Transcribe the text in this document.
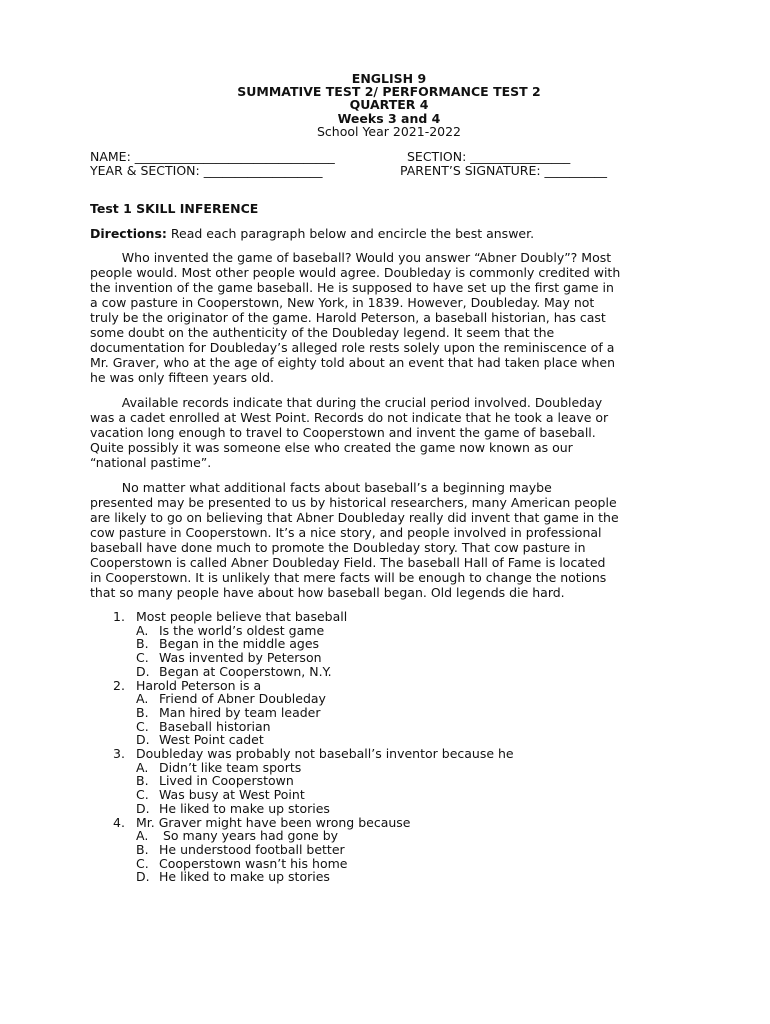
ENGLISH 9
SUMMATIVE TEST 2/ PERFORMANCE TEST 2
QUARTER 4
Weeks 3 and 4
School Year 2021-2022
NAME: ________________________________	SECTION: ________________
YEAR & SECTION: ___________________	PARENT’S SIGNATURE: __________
Test 1 SKILL INFERENCE
Directions: Read each paragraph below and encircle the best answer.

Who invented the game of baseball? Would you answer “Abner Doubly”? Most
people would. Most other people would agree. Doubleday is commonly credited with
the invention of the game baseball. He is supposed to have set up the first game in
a cow pasture in Cooperstown, New York, in 1839. However, Doubleday. May not
truly be the originator of the game. Harold Peterson, a baseball historian, has cast
some doubt on the authenticity of the Doubleday legend. It seem that the
documentation for Doubleday’s alleged role rests solely upon the reminiscence of a
Mr. Graver, who at the age of eighty told about an event that had taken place when
he was only fifteen years old.

Available records indicate that during the crucial period involved. Doubleday
was a cadet enrolled at West Point. Records do not indicate that he took a leave or
vacation long enough to travel to Cooperstown and invent the game of baseball.
Quite possibly it was someone else who created the game now known as our
“national pastime”.

No matter what additional facts about baseball’s a beginning maybe
presented may be presented to us by historical researchers, many American people
are likely to go on believing that Abner Doubleday really did invent that game in the
cow pasture in Cooperstown. It’s a nice story, and people involved in professional
baseball have done much to promote the Doubleday story. That cow pasture in
Cooperstown is called Abner Doubleday Field. The baseball Hall of Fame is located
in Cooperstown. It is unlikely that mere facts will be enough to change the notions
that so many people have about how baseball began. Old legends die hard.

1. Most people believe that baseball
A. Is the world’s oldest game
B. Began in the middle ages
C. Was invented by Peterson
D. Began at Cooperstown, N.Y.
2. Harold Peterson is a
A. Friend of Abner Doubleday
B. Man hired by team leader
C. Baseball historian
D. West Point cadet
3. Doubleday was probably not baseball’s inventor because he
A. Didn’t like team sports
B. Lived in Cooperstown
C. Was busy at West Point
D. He liked to make up stories
4. Mr. Graver might have been wrong because
A. So many years had gone by
B. He understood football better
C. Cooperstown wasn’t his home
D. He liked to make up stories
